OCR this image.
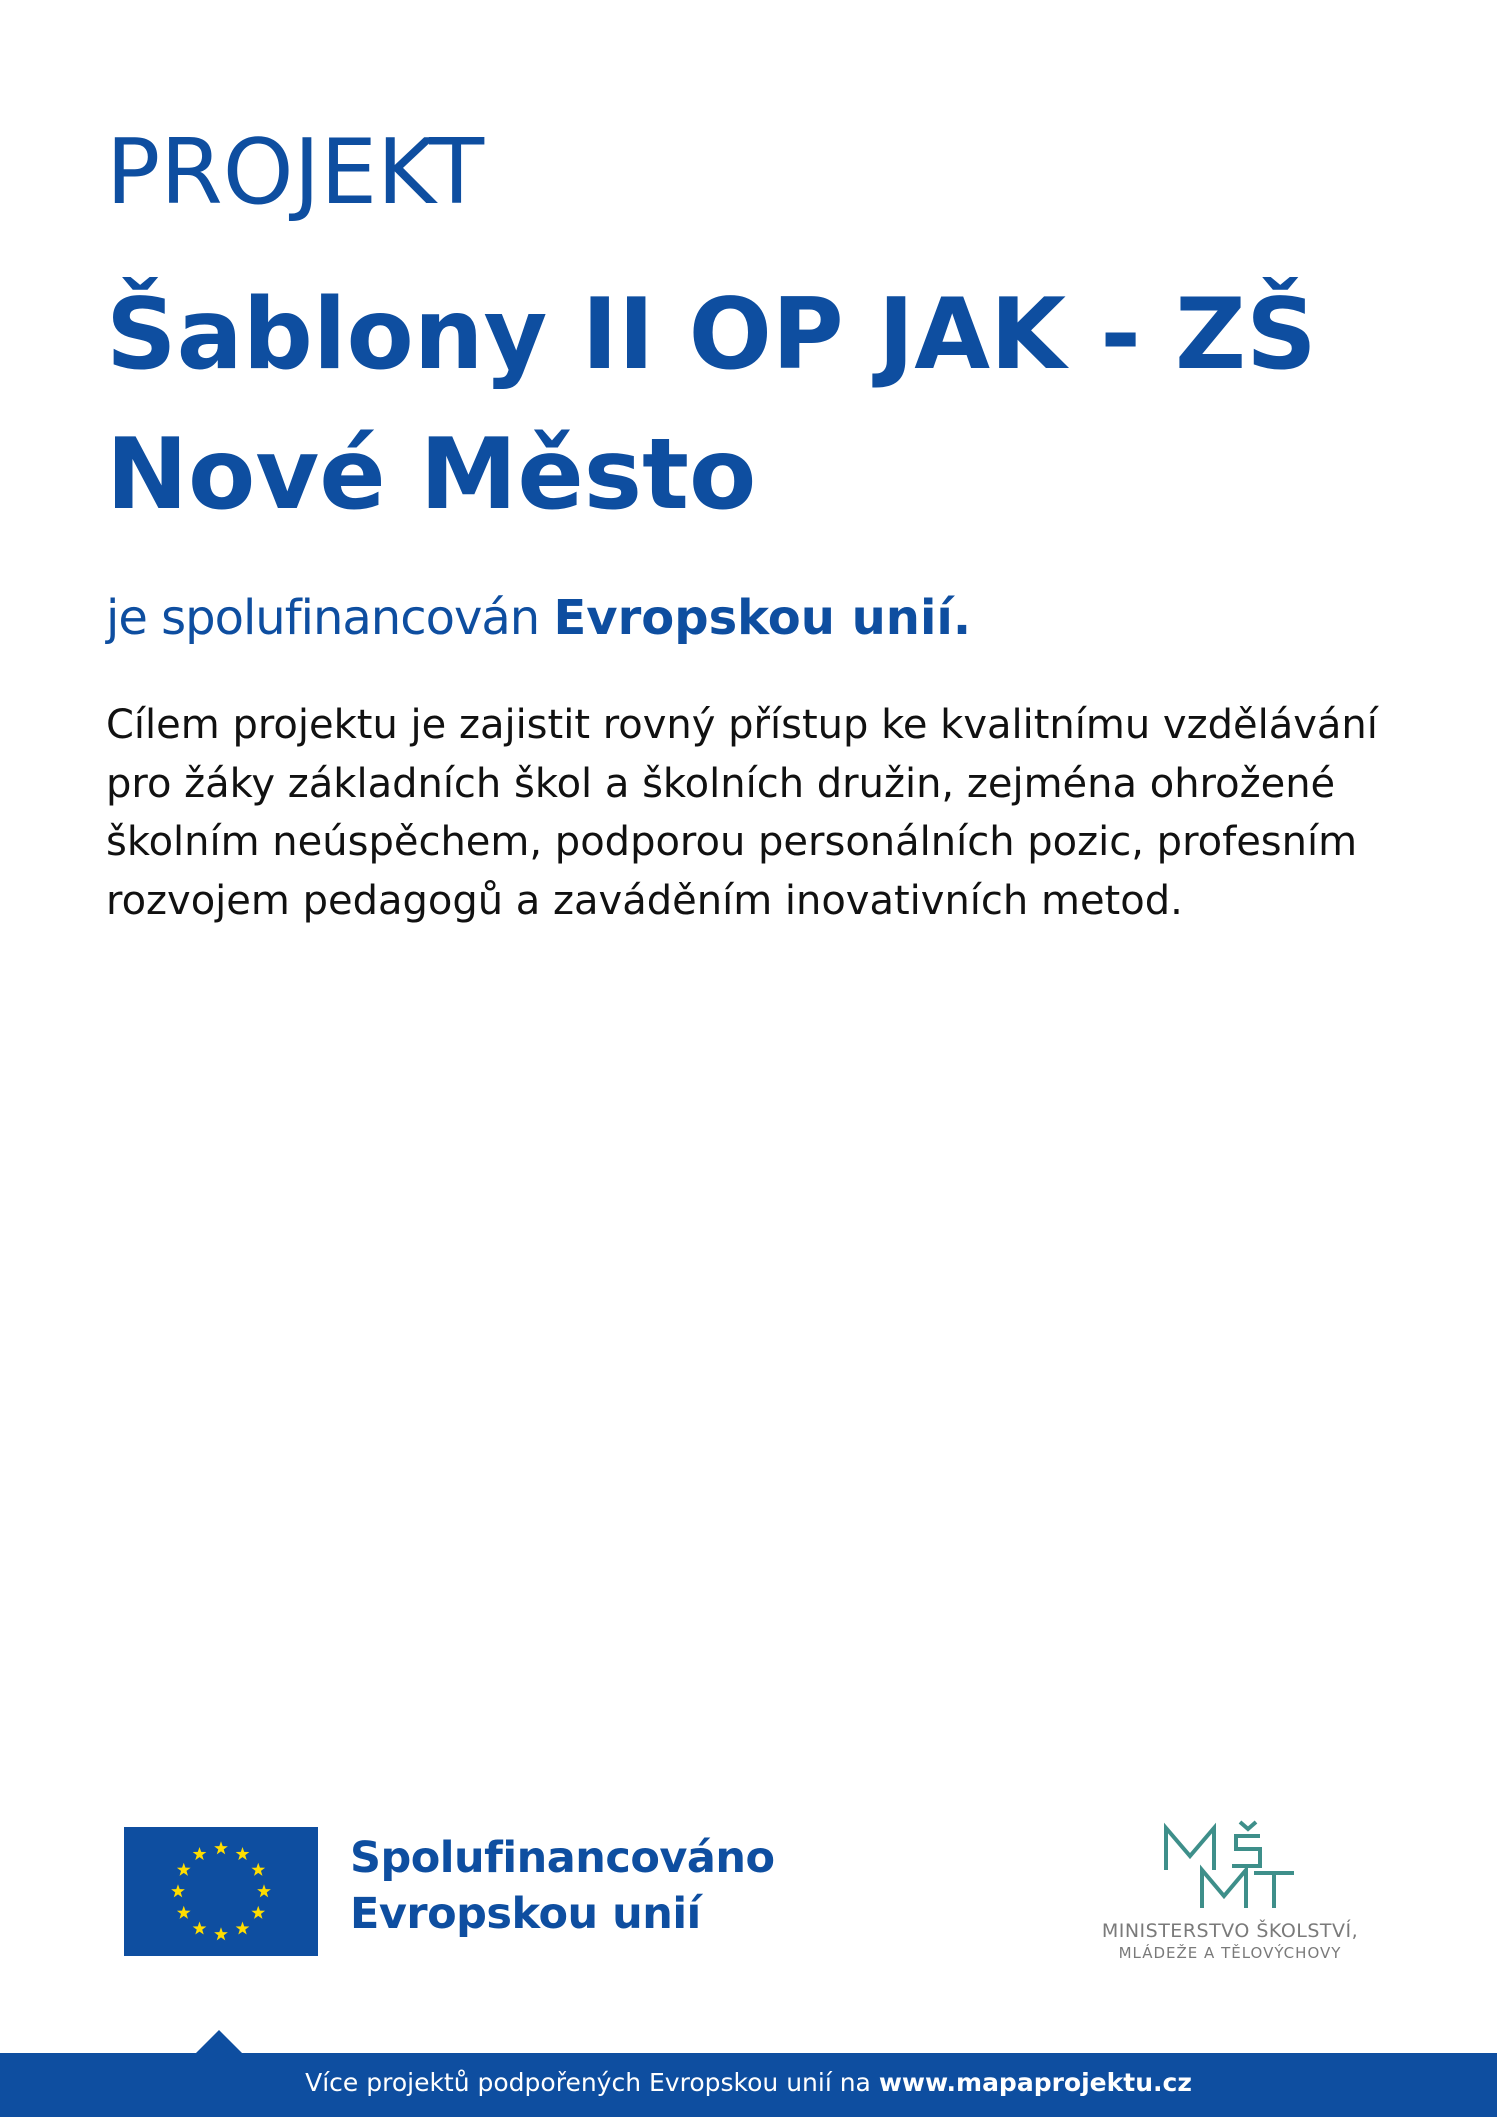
PROJEKT
Šablony II OP JAK - ZŠ
Nové Město

je spolufinancován Evropskou unií.

Cílem projektu je zajistit rovný přístup ke kvalitnímu vzdělávání
pro žáky základních škol a školních družin, zejména ohrožené
školním neúspěchem, podporou personálních pozic, profesním
rozvojem pedagogů a zaváděním inovativních metod.

Spolufinancováno
Evropskou unií	MINISTERSTVO ŠKOLSTVÍ,
MLÁDEŽE A TĚLOVÝCHOVY
Více projektů podpořených Evropskou unií na www.mapaprojektu.cz
